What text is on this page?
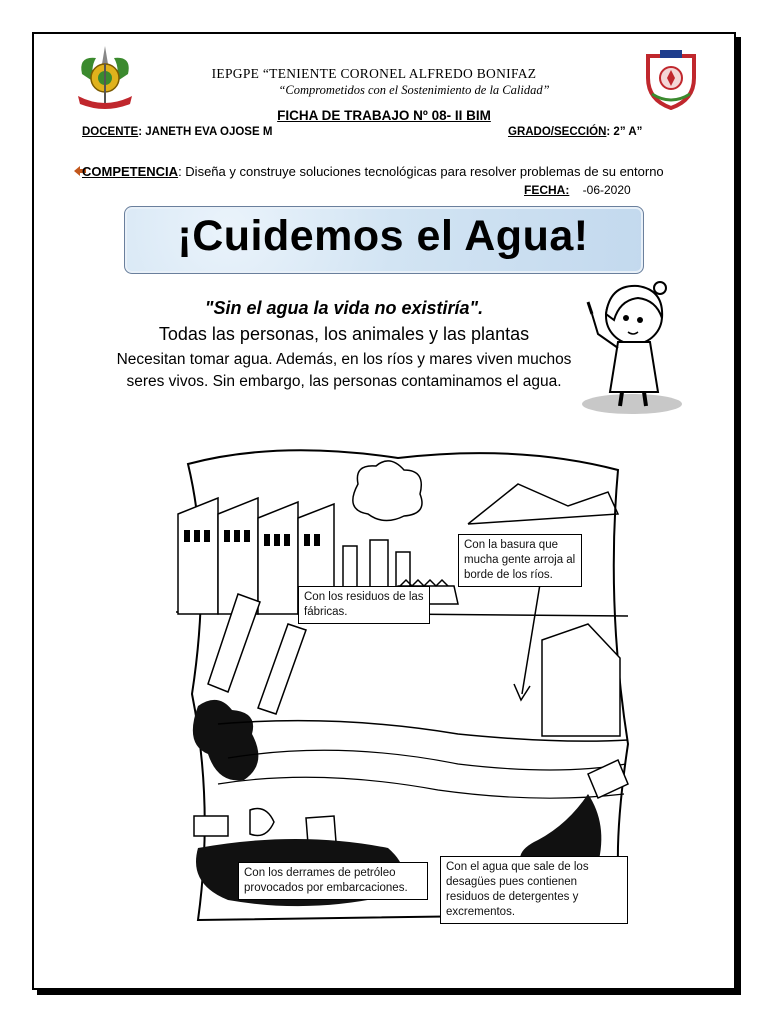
IEPGPE “TENIENTE CORONEL ALFREDO BONIFAZ
“Comprometidos con el Sostenimiento de la Calidad”
FICHA DE TRABAJO Nº 08- II BIM
DOCENTE: JANETH EVA OJOSE M	GRADO/SECCIÓN: 2” A”
COMPETENCIA: Diseña y construye soluciones tecnológicas para resolver problemas de su entorno
FECHA: -06-2020
¡Cuidemos el Agua!
"Sin el agua la vida no existiría".
Todas las personas, los animales y las plantas
Necesitan tomar agua. Además, en los ríos y mares viven muchos seres vivos. Sin embargo, las personas contaminamos el agua.
Con los residuos de las fábricas.
Con la basura que mucha gente arroja al borde de los ríos.
Con los derrames de petróleo provocados por embarcaciones.
Con el agua que sale de los desagües pues contienen residuos de detergentes y excrementos.
